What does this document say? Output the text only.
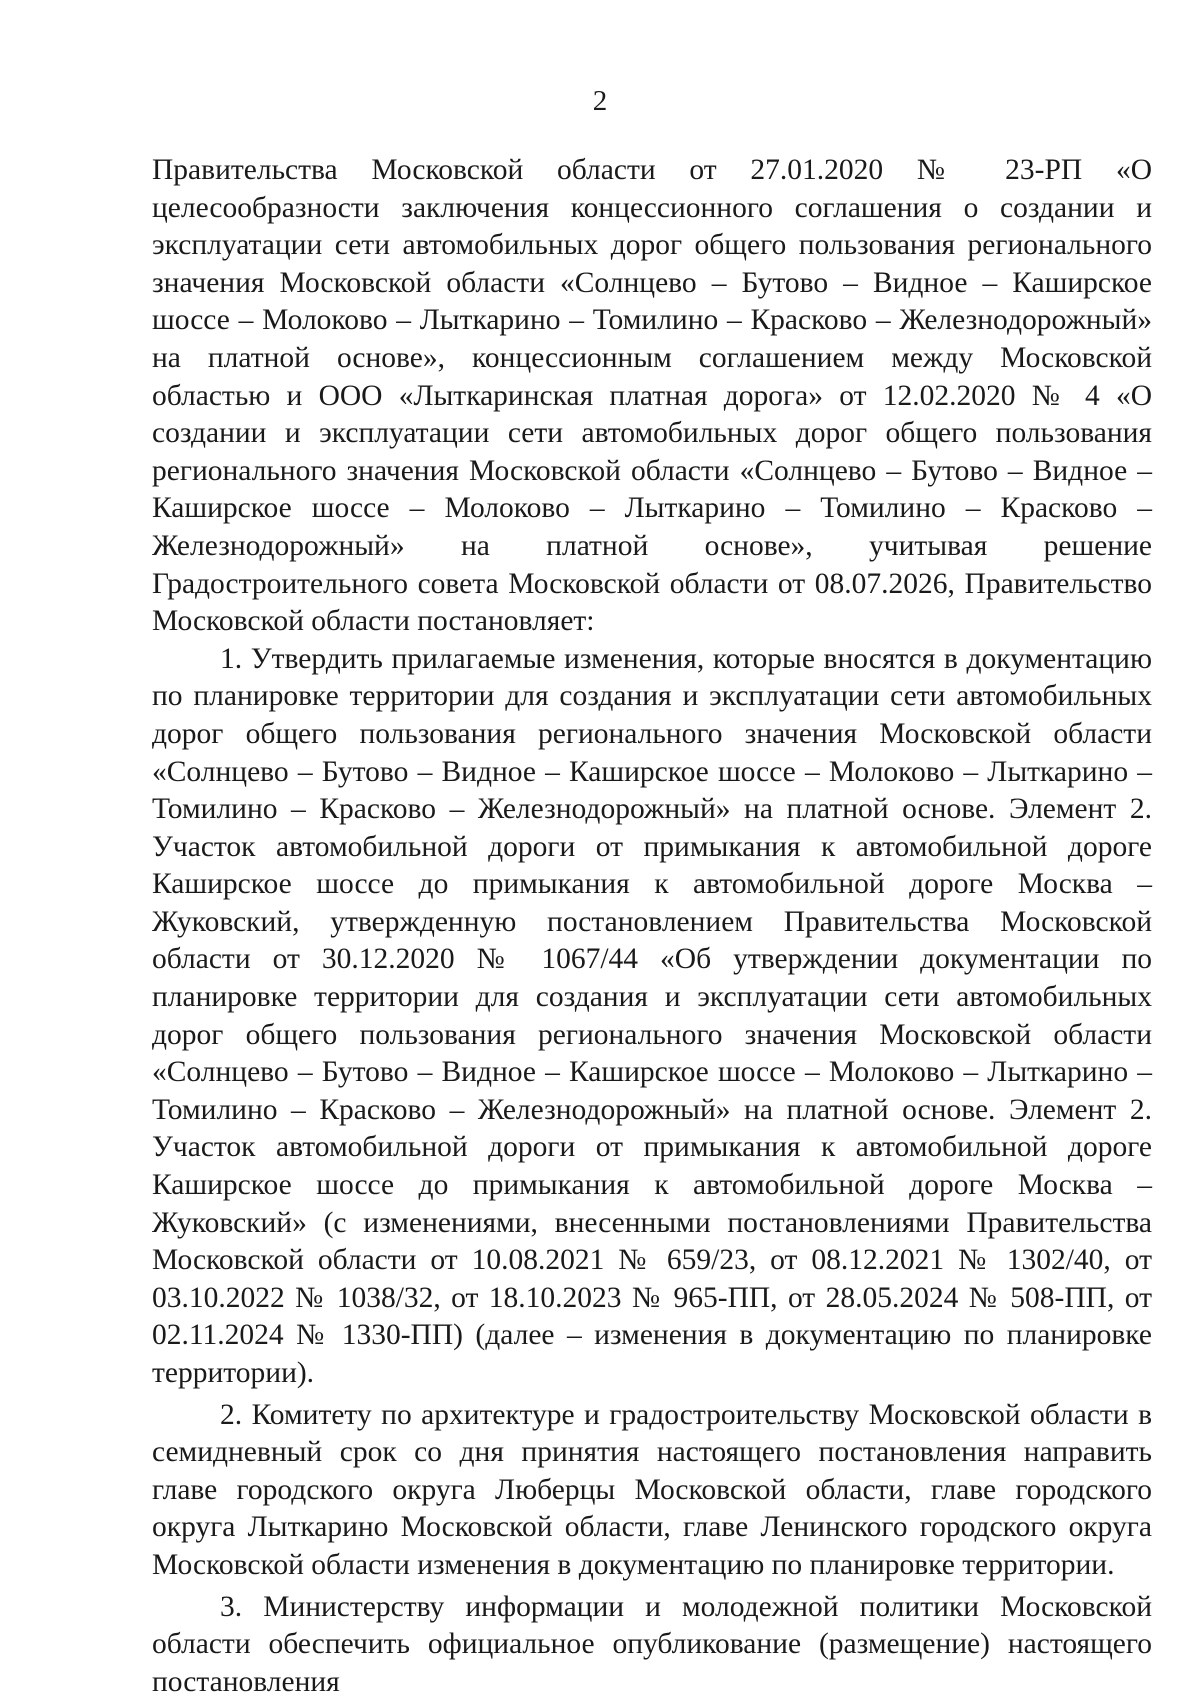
2

Правительства Московской области от 27.01.2020 № 23-РП «О целесообразности заключения концессионного соглашения о создании и эксплуатации сети автомобильных дорог общего пользования регионального значения Московской области «Солнцево – Бутово – Видное – Каширское шоссе – Молоково – Лыткарино – Томилино – Красково – Железнодорожный» на платной основе», концессионным соглашением между Московской областью и ООО «Лыткаринская платная дорога» от 12.02.2020 № 4 «О создании и эксплуатации сети автомобильных дорог общего пользования регионального значения Московской области «Солнцево – Бутово – Видное – Каширское шоссе – Молоково – Лыткарино – Томилино – Красково – Железнодорожный» на платной основе», учитывая решение Градостроительного совета Московской области от 08.07.2026, Правительство Московской области постановляет:

1. Утвердить прилагаемые изменения, которые вносятся в документацию по планировке территории для создания и эксплуатации сети автомобильных дорог общего пользования регионального значения Московской области «Солнцево – Бутово – Видное – Каширское шоссе – Молоково – Лыткарино – Томилино – Красково – Железнодорожный» на платной основе. Элемент 2. Участок автомобильной дороги от примыкания к автомобильной дороге Каширское шоссе до примыкания к автомобильной дороге Москва – Жуковский, утвержденную постановлением Правительства Московской области от 30.12.2020 № 1067/44 «Об утверждении документации по планировке территории для создания и эксплуатации сети автомобильных дорог общего пользования регионального значения Московской области «Солнцево – Бутово – Видное – Каширское шоссе – Молоково – Лыткарино – Томилино – Красково – Железнодорожный» на платной основе. Элемент 2. Участок автомобильной дороги от примыкания к автомобильной дороге Каширское шоссе до примыкания к автомобильной дороге Москва – Жуковский» (с изменениями, внесенными постановлениями Правительства Московской области от 10.08.2021 № 659/23, от 08.12.2021 № 1302/40, от 03.10.2022 № 1038/32, от 18.10.2023 № 965-ПП, от 28.05.2024 № 508-ПП, от 02.11.2024 № 1330-ПП) (далее – изменения в документацию по планировке территории).

2. Комитету по архитектуре и градостроительству Московской области в семидневный срок со дня принятия настоящего постановления направить главе городского округа Люберцы Московской области, главе городского округа Лыткарино Московской области, главе Ленинского городского округа Московской области изменения в документацию по планировке территории.

3. Министерству информации и молодежной политики Московской области обеспечить официальное опубликование (размещение) настоящего постановления
